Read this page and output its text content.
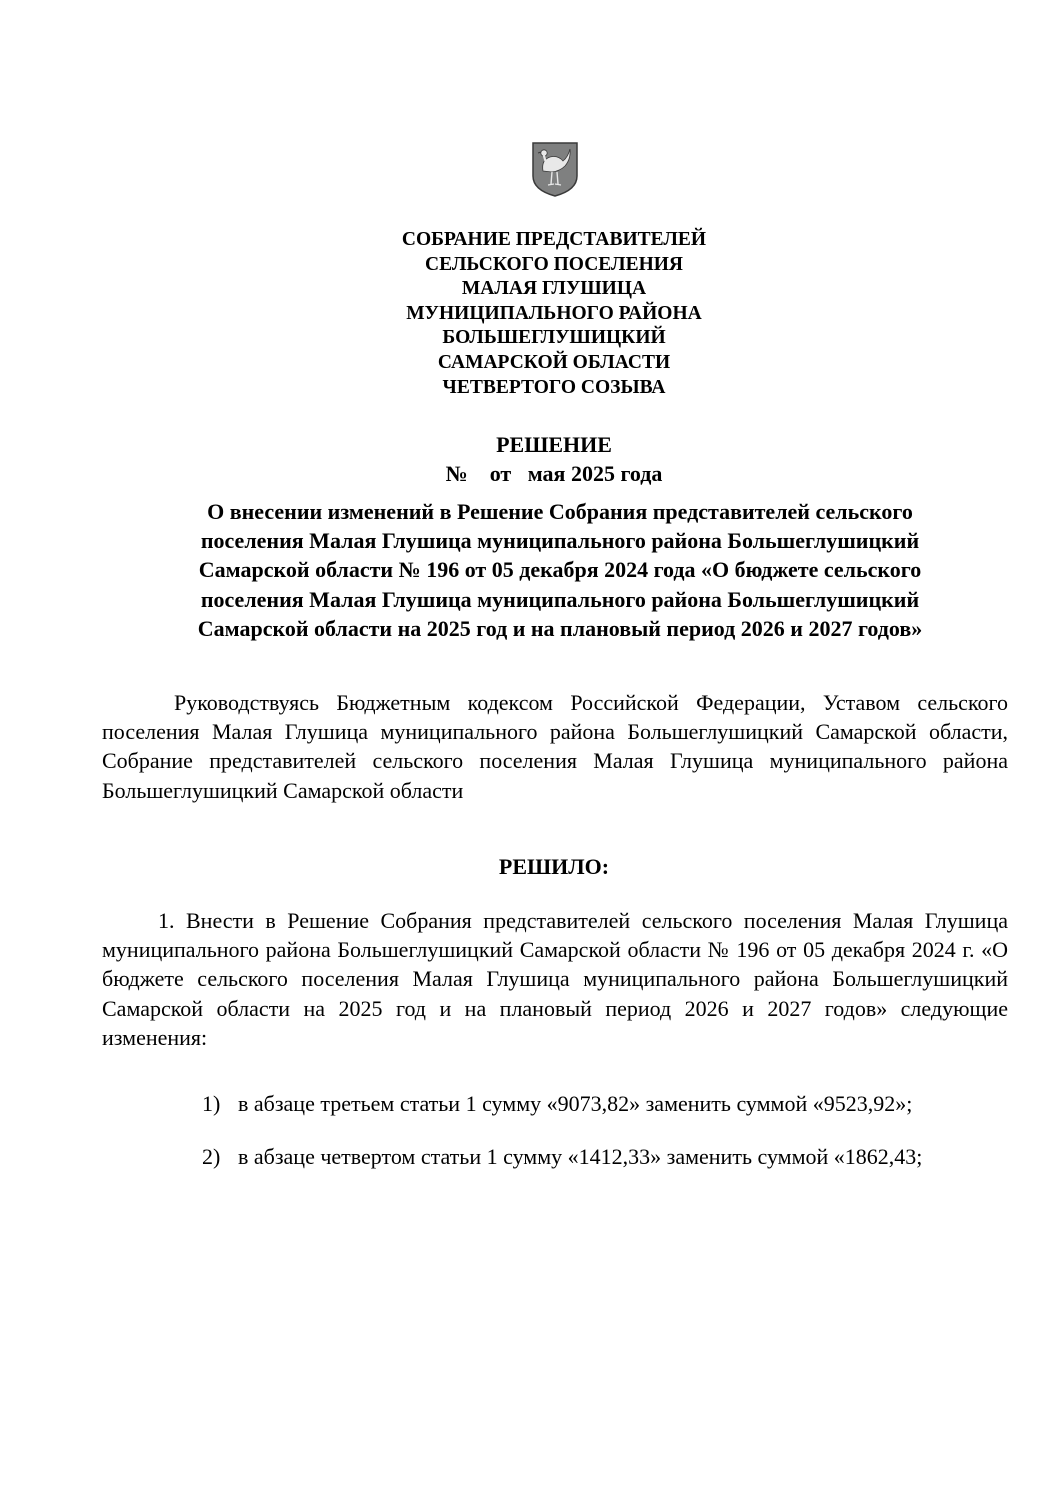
СОБРАНИЕ ПРЕДСТАВИТЕЛЕЙ
СЕЛЬСКОГО ПОСЕЛЕНИЯ
МАЛАЯ ГЛУШИЦА
МУНИЦИПАЛЬНОГО РАЙОНА
БОЛЬШЕГЛУШИЦКИЙ
САМАРСКОЙ ОБЛАСТИ
ЧЕТВЕРТОГО СОЗЫВА
РЕШЕНИЕ
№    от   мая 2025 года
О внесении изменений в Решение Собрания представителей сельского
поселения Малая Глушица муниципального района Большеглушицкий
Самарской области № 196 от 05 декабря 2024 года «О бюджете сельского
поселения Малая Глушица муниципального района Большеглушицкий
Самарской области на 2025 год и на плановый период 2026 и 2027 годов»

Руководствуясь Бюджетным кодексом Российской Федерации, Уставом сельского поселения Малая Глушица муниципального района Большеглушицкий Самарской области, Собрание представителей сельского поселения Малая Глушица муниципального района Большеглушицкий Самарской области

РЕШИЛО:

1. Внести в Решение Собрания представителей сельского поселения Малая Глушица муниципального района Большеглушицкий Самарской области № 196 от 05 декабря 2024 г. «О бюджете сельского поселения Малая Глушица муниципального района Большеглушицкий Самарской области на 2025 год и на плановый период 2026 и 2027 годов» следующие изменения:

1) в абзаце третьем статьи 1 сумму «9073,82» заменить суммой «9523,92»;
2) в абзаце четвертом статьи 1 сумму «1412,33» заменить суммой «1862,43;
